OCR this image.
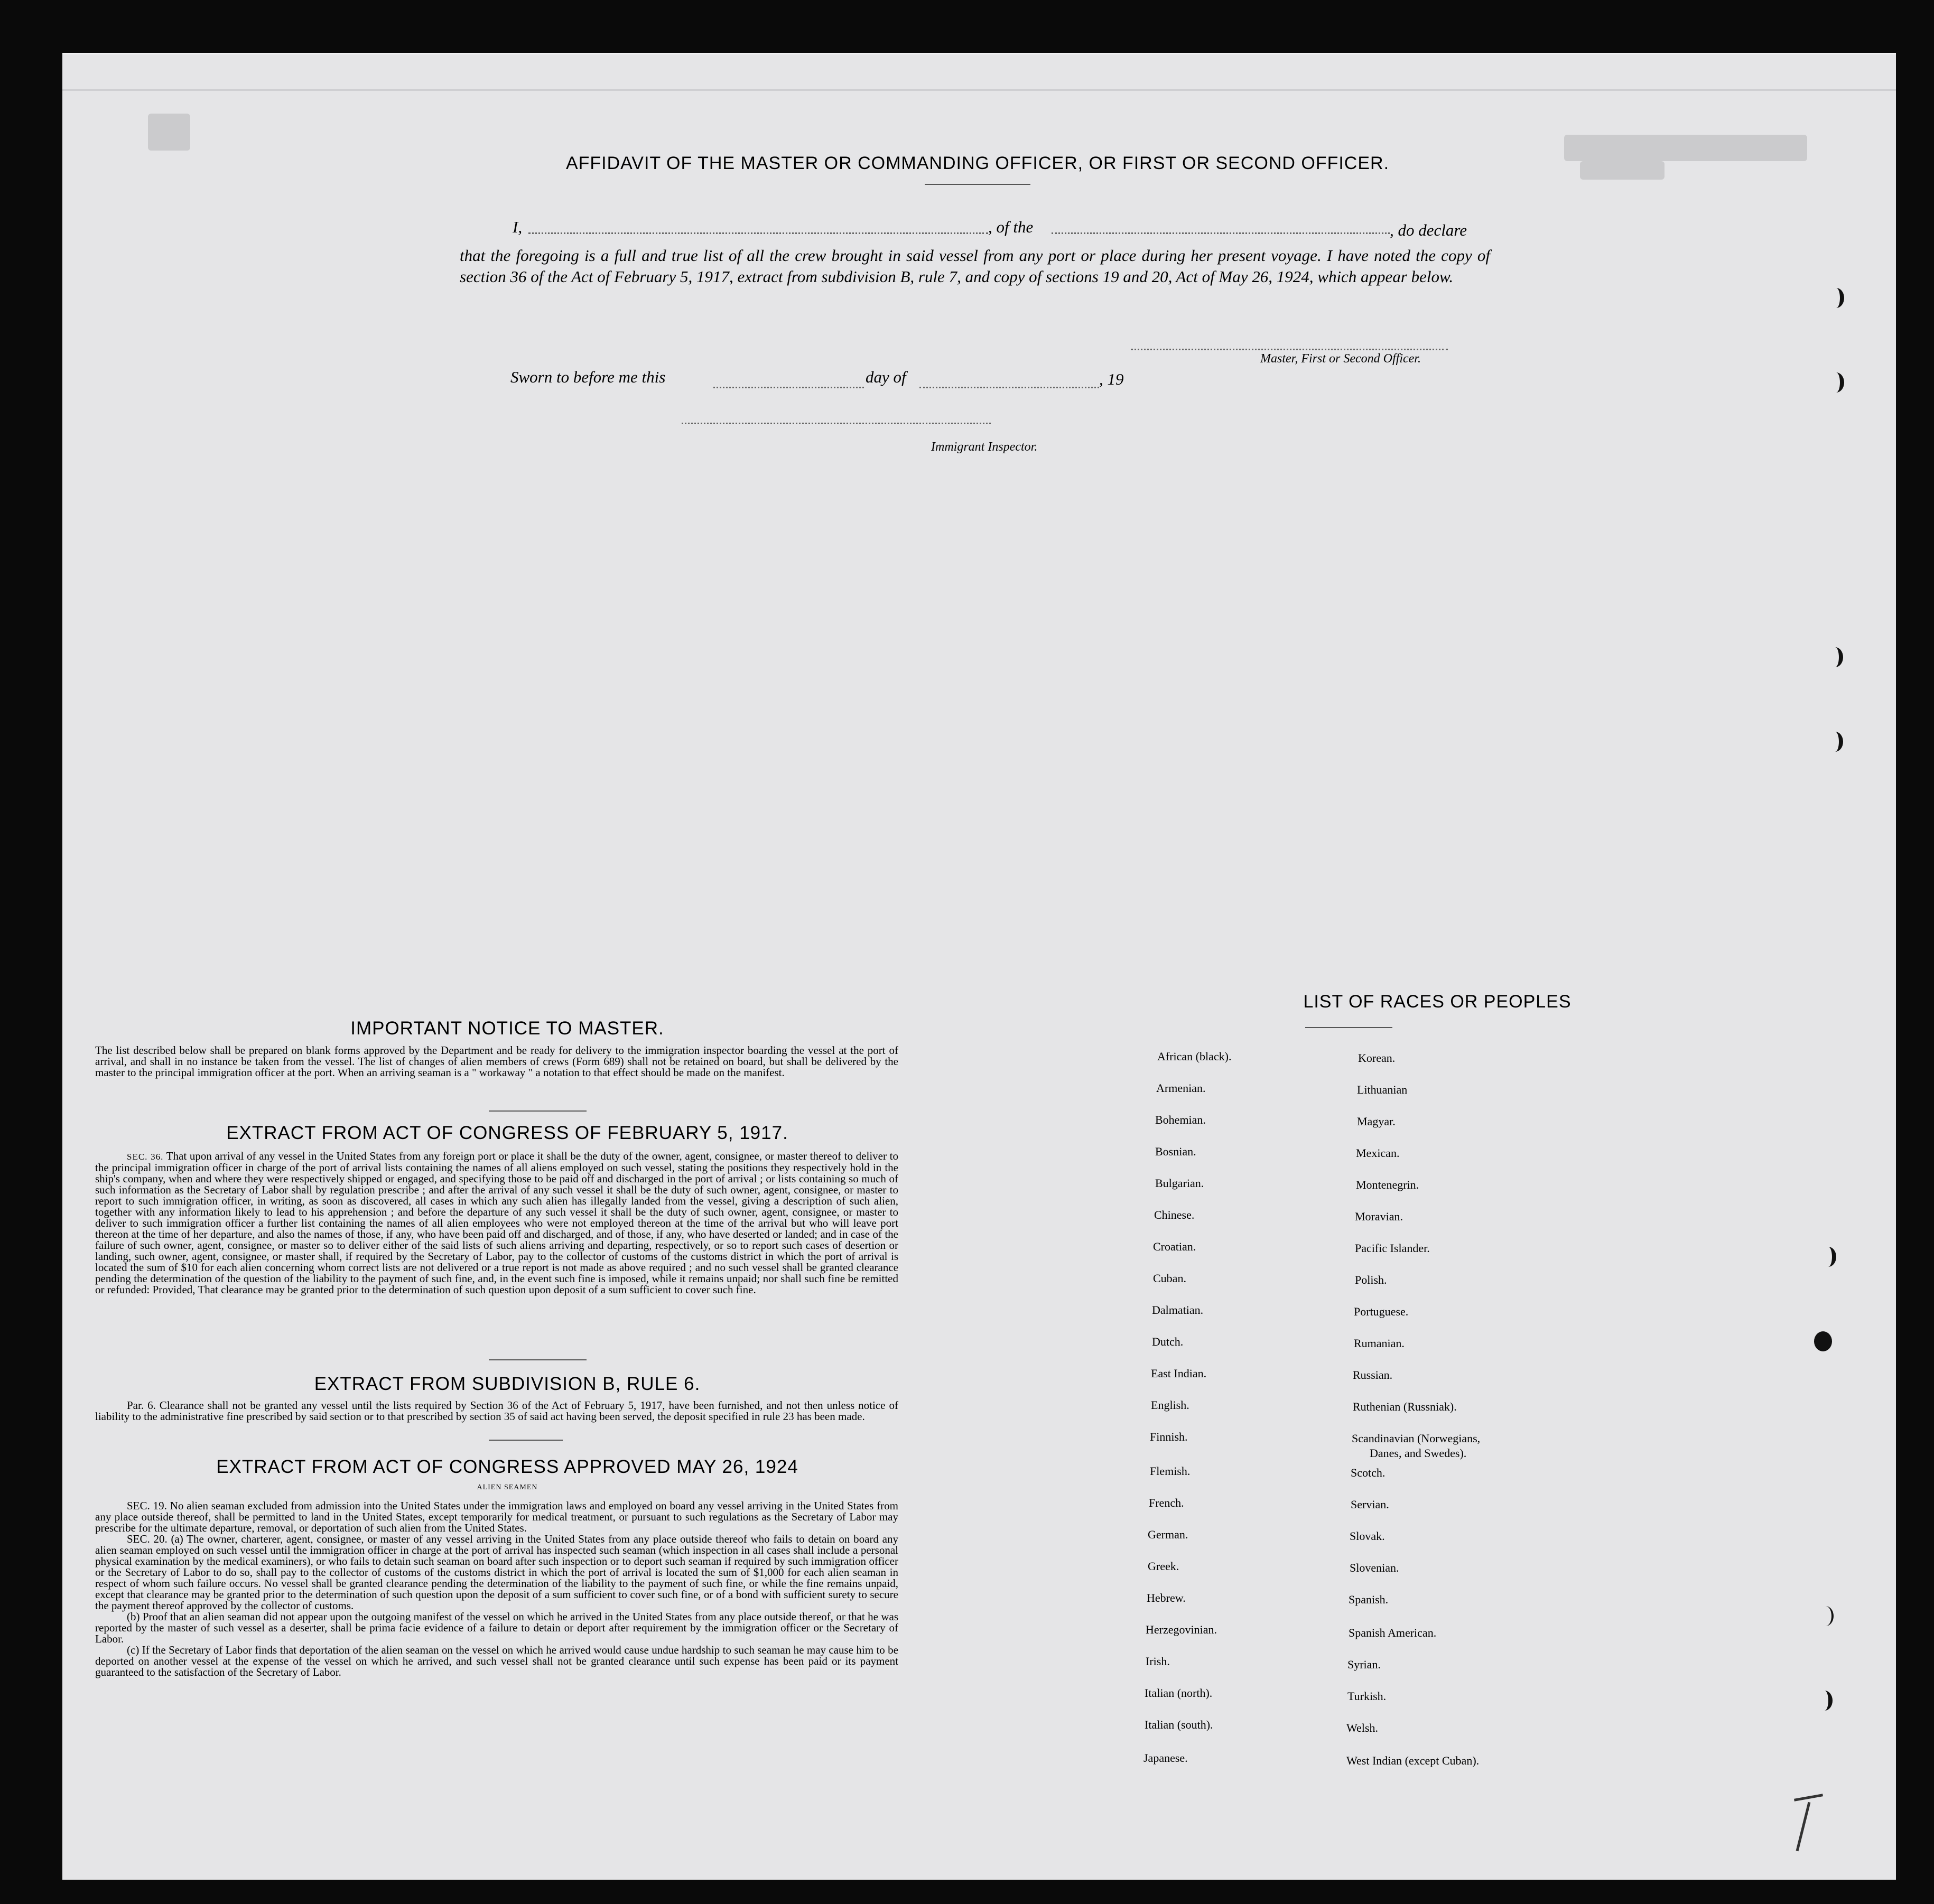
AFFIDAVIT OF THE MASTER OR COMMANDING OFFICER, OR FIRST OR SECOND OFFICER.
I,	, of the	, do declare
that the foregoing is a full and true list of all the crew brought in said vessel from any port or place during her present voyage. I have noted the copy of section 36 of the Act of February 5, 1917, extract from subdivision B, rule 7, and copy of sections 19 and 20, Act of May 26, 1924, which appear below.
Master, First or Second Officer.
Sworn to before me this	day of	, 19
Immigrant Inspector.
IMPORTANT NOTICE TO MASTER.
The list described below shall be prepared on blank forms approved by the Department and be ready for delivery to the immigration inspector boarding the vessel at the port of arrival, and shall in no instance be taken from the vessel. The list of changes of alien members of crews (Form 689) shall not be retained on board, but shall be delivered by the master to the principal immigration officer at the port. When an arriving seaman is a " workaway " a notation to that effect should be made on the manifest.
EXTRACT FROM ACT OF CONGRESS OF FEBRUARY 5, 1917.
SEC. 36. That upon arrival of any vessel in the United States from any foreign port or place it shall be the duty of the owner, agent, consignee, or master thereof to deliver to the principal immigration officer in charge of the port of arrival lists containing the names of all aliens employed on such vessel, stating the positions they respectively hold in the ship's company, when and where they were respectively shipped or engaged, and specifying those to be paid off and discharged in the port of arrival ; or lists containing so much of such information as the Secretary of Labor shall by regulation prescribe ; and after the arrival of any such vessel it shall be the duty of such owner, agent, consignee, or master to report to such immigration officer, in writing, as soon as discovered, all cases in which any such alien has illegally landed from the vessel, giving a description of such alien, together with any information likely to lead to his apprehension ; and before the departure of any such vessel it shall be the duty of such owner, agent, consignee, or master to deliver to such immigration officer a further list containing the names of all alien employees who were not employed thereon at the time of the arrival but who will leave port thereon at the time of her departure, and also the names of those, if any, who have been paid off and discharged, and of those, if any, who have deserted or landed; and in case of the failure of such owner, agent, consignee, or master so to deliver either of the said lists of such aliens arriving and departing, respectively, or so to report such cases of desertion or landing, such owner, agent, consignee, or master shall, if required by the Secretary of Labor, pay to the collector of customs of the customs district in which the port of arrival is located the sum of $10 for each alien concerning whom correct lists are not delivered or a true report is not made as above required ; and no such vessel shall be granted clearance pending the determination of the question of the liability to the payment of such fine, and, in the event such fine is imposed, while it remains unpaid; nor shall such fine be remitted or refunded: Provided, That clearance may be granted prior to the determination of such question upon deposit of a sum sufficient to cover such fine.
EXTRACT FROM SUBDIVISION B, RULE 6.
Par. 6. Clearance shall not be granted any vessel until the lists required by Section 36 of the Act of February 5, 1917, have been furnished, and not then unless notice of liability to the administrative fine prescribed by said section or to that prescribed by section 35 of said act having been served, the deposit specified in rule 23 has been made.
EXTRACT FROM ACT OF CONGRESS APPROVED MAY 26, 1924
ALIEN SEAMEN
SEC. 19. No alien seaman excluded from admission into the United States under the immigration laws and employed on board any vessel arriving in the United States from any place outside thereof, shall be permitted to land in the United States, except temporarily for medical treatment, or pursuant to such regulations as the Secretary of Labor may prescribe for the ultimate departure, removal, or deportation of such alien from the United States.
SEC. 20. (a) The owner, charterer, agent, consignee, or master of any vessel arriving in the United States from any place outside thereof who fails to detain on board any alien seaman employed on such vessel until the immigration officer in charge at the port of arrival has inspected such seaman (which inspection in all cases shall include a personal physical examination by the medical examiners), or who fails to detain such seaman on board after such inspection or to deport such seaman if required by such immigration officer or the Secretary of Labor to do so, shall pay to the collector of customs of the customs district in which the port of arrival is located the sum of $1,000 for each alien seaman in respect of whom such failure occurs. No vessel shall be granted clearance pending the determination of the liability to the payment of such fine, or while the fine remains unpaid, except that clearance may be granted prior to the determination of such question upon the deposit of a sum sufficient to cover such fine, or of a bond with sufficient surety to secure the payment thereof approved by the collector of customs.
(b) Proof that an alien seaman did not appear upon the outgoing manifest of the vessel on which he arrived in the United States from any place outside thereof, or that he was reported by the master of such vessel as a deserter, shall be prima facie evidence of a failure to detain or deport after requirement by the immigration officer or the Secretary of Labor.
(c) If the Secretary of Labor finds that deportation of the alien seaman on the vessel on which he arrived would cause undue hardship to such seaman he may cause him to be deported on another vessel at the expense of the vessel on which he arrived, and such vessel shall not be granted clearance until such expense has been paid or its payment guaranteed to the satisfaction of the Secretary of Labor.
LIST OF RACES OR PEOPLES
African (black).
Armenian.
Bohemian.
Bosnian.
Bulgarian.
Chinese.
Croatian.
Cuban.
Dalmatian.
Dutch.
East Indian.
English.
Finnish.
Flemish.
French.
German.
Greek.
Hebrew.
Herzegovinian.
Irish.
Italian (north).
Italian (south).
Japanese.
Korean.
Lithuanian
Magyar.
Mexican.
Montenegrin.
Moravian.
Pacific Islander.
Polish.
Portuguese.
Rumanian.
Russian.
Ruthenian (Russniak).
Scandinavian (Norwegians,
Danes, and Swedes).
Scotch.
Servian.
Slovak.
Slovenian.
Spanish.
Spanish American.
Syrian.
Turkish.
Welsh.
West Indian (except Cuban).
